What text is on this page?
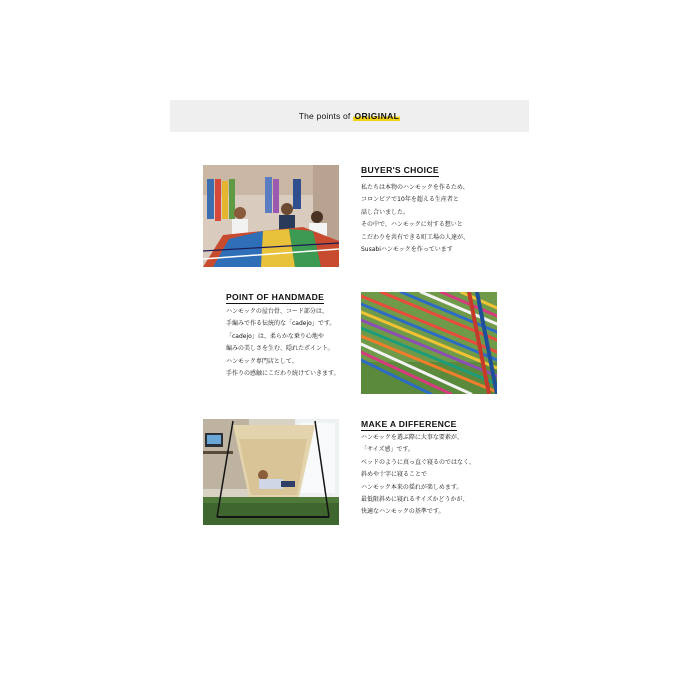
The points of ORIGINAL
BUYER'S CHOICE
私たちは本物のハンモックを作るため、
コロンビアで10年を超える生産者と
話し合いました。
その中で、ハンモックに対する想いと
こだわりを共有できる町工場の人達が、
Susabiハンモックを作っています
POINT OF HANDMADE
ハンモックの屋台骨、コード部分は、
手編みで作る伝統的な「cadejo」です。
「cadejo」は、柔らかな乗り心地や
編みの美しさを生む、隠れたポイント。
ハンモック専門店として、
手作りの感触にこだわり続けていきます。
MAKE A DIFFERENCE
ハンモックを選ぶ際に大事な要素が、
「サイズ感」です。
ベッドのように真っ直ぐ寝るのではなく、
斜めや十字に寝ることで
ハンモック本来の揺れが楽しめます。
最低限斜めに寝れるサイズかどうかが、
快適なハンモックの基準です。
